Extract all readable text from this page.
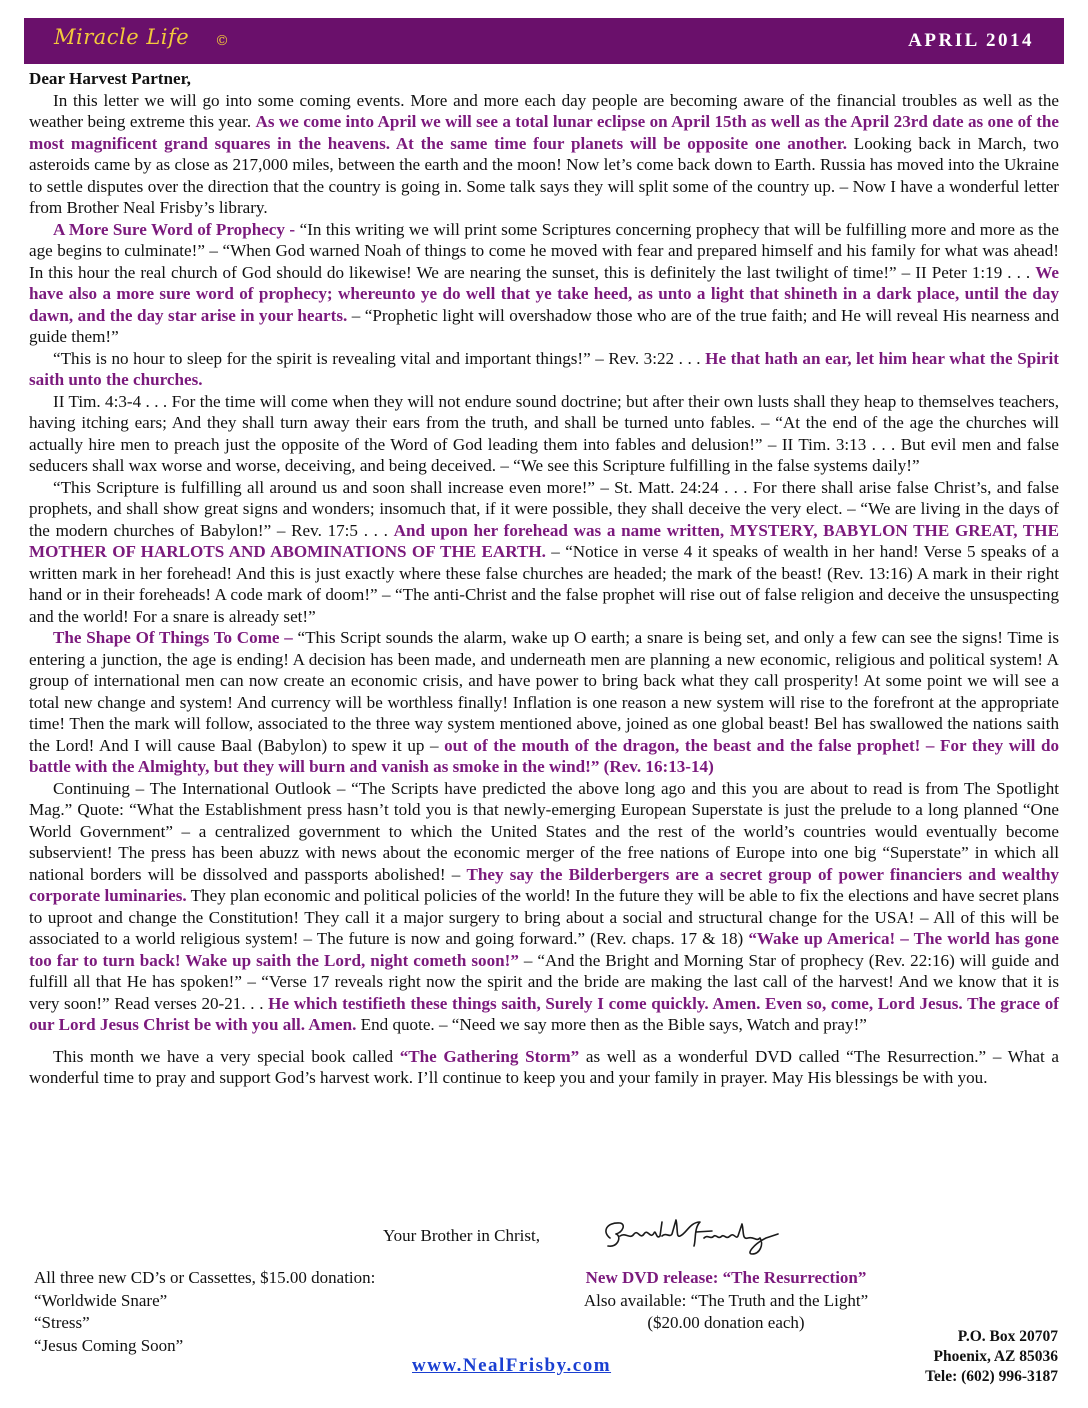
Miracle Life ©	APRIL 2014

Dear Harvest Partner,

In this letter we will go into some coming events. More and more each day people are becoming aware of the financial troubles as well as the weather being extreme this year. As we come into April we will see a total lunar eclipse on April 15th as well as the April 23rd date as one of the most magnificent grand squares in the heavens. At the same time four planets will be opposite one another. Looking back in March, two asteroids came by as close as 217,000 miles, between the earth and the moon! Now let’s come back down to Earth. Russia has moved into the Ukraine to settle disputes over the direction that the country is going in. Some talk says they will split some of the country up. – Now I have a wonderful letter from Brother Neal Frisby’s library.

A More Sure Word of Prophecy - “In this writing we will print some Scriptures concerning prophecy that will be fulfilling more and more as the age begins to culminate!” – “When God warned Noah of things to come he moved with fear and prepared himself and his family for what was ahead! In this hour the real church of God should do likewise! We are nearing the sunset, this is definitely the last twilight of time!” – II Peter 1:19 . . . We have also a more sure word of prophecy; whereunto ye do well that ye take heed, as unto a light that shineth in a dark place, until the day dawn, and the day star arise in your hearts. – “Prophetic light will overshadow those who are of the true faith; and He will reveal His nearness and guide them!”

“This is no hour to sleep for the spirit is revealing vital and important things!” – Rev. 3:22 . . . He that hath an ear, let him hear what the Spirit saith unto the churches.

II Tim. 4:3-4 . . . For the time will come when they will not endure sound doctrine; but after their own lusts shall they heap to themselves teachers, having itching ears; And they shall turn away their ears from the truth, and shall be turned unto fables. – “At the end of the age the churches will actually hire men to preach just the opposite of the Word of God leading them into fables and delusion!” – II Tim. 3:13 . . . But evil men and false seducers shall wax worse and worse, deceiving, and being deceived. – “We see this Scripture fulfilling in the false systems daily!”

“This Scripture is fulfilling all around us and soon shall increase even more!” – St. Matt. 24:24 . . . For there shall arise false Christ’s, and false prophets, and shall show great signs and wonders; insomuch that, if it were possible, they shall deceive the very elect. – “We are living in the days of the modern churches of Babylon!” – Rev. 17:5 . . . And upon her forehead was a name written, MYSTERY, BABYLON THE GREAT, THE MOTHER OF HARLOTS AND ABOMINATIONS OF THE EARTH. – “Notice in verse 4 it speaks of wealth in her hand! Verse 5 speaks of a written mark in her forehead! And this is just exactly where these false churches are headed; the mark of the beast! (Rev. 13:16) A mark in their right hand or in their foreheads! A code mark of doom!” – “The anti-Christ and the false prophet will rise out of false religion and deceive the unsuspecting and the world! For a snare is already set!”

The Shape Of Things To Come – “This Script sounds the alarm, wake up O earth; a snare is being set, and only a few can see the signs! Time is entering a junction, the age is ending! A decision has been made, and underneath men are planning a new economic, religious and political system! A group of international men can now create an economic crisis, and have power to bring back what they call prosperity! At some point we will see a total new change and system! And currency will be worthless finally! Inflation is one reason a new system will rise to the forefront at the appropriate time! Then the mark will follow, associated to the three way system mentioned above, joined as one global beast! Bel has swallowed the nations saith the Lord! And I will cause Baal (Babylon) to spew it up – out of the mouth of the dragon, the beast and the false prophet! – For they will do battle with the Almighty, but they will burn and vanish as smoke in the wind!” (Rev. 16:13-14)

Continuing – The International Outlook – “The Scripts have predicted the above long ago and this you are about to read is from The Spotlight Mag.” Quote: “What the Establishment press hasn’t told you is that newly-emerging European Superstate is just the prelude to a long planned “One World Government” – a centralized government to which the United States and the rest of the world’s countries would eventually become subservient! The press has been abuzz with news about the economic merger of the free nations of Europe into one big “Superstate” in which all national borders will be dissolved and passports abolished! – They say the Bilderbergers are a secret group of power financiers and wealthy corporate luminaries. They plan economic and political policies of the world! In the future they will be able to fix the elections and have secret plans to uproot and change the Constitution! They call it a major surgery to bring about a social and structural change for the USA! – All of this will be associated to a world religious system! – The future is now and going forward.” (Rev. chaps. 17 & 18) “Wake up America! – The world has gone too far to turn back! Wake up saith the Lord, night cometh soon!” – “And the Bright and Morning Star of prophecy (Rev. 22:16) will guide and fulfill all that He has spoken!” – “Verse 17 reveals right now the spirit and the bride are making the last call of the harvest! And we know that it is very soon!” Read verses 20-21. . . He which testifieth these things saith, Surely I come quickly. Amen. Even so, come, Lord Jesus. The grace of our Lord Jesus Christ be with you all. Amen. End quote. – “Need we say more then as the Bible says, Watch and pray!”

This month we have a very special book called “The Gathering Storm” as well as a wonderful DVD called “The Resurrection.” – What a wonderful time to pray and support God’s harvest work. I’ll continue to keep you and your family in prayer. May His blessings be with you.

Your Brother in Christ,
All three new CD’s or Cassettes, $15.00 donation:
“Worldwide Snare”
“Stress”
“Jesus Coming Soon”
New DVD release: “The Resurrection”
Also available: “The Truth and the Light”
($20.00 donation each)
P.O. Box 20707
Phoenix, AZ 85036
Tele: (602) 996-3187
www.NealFrisby.com
